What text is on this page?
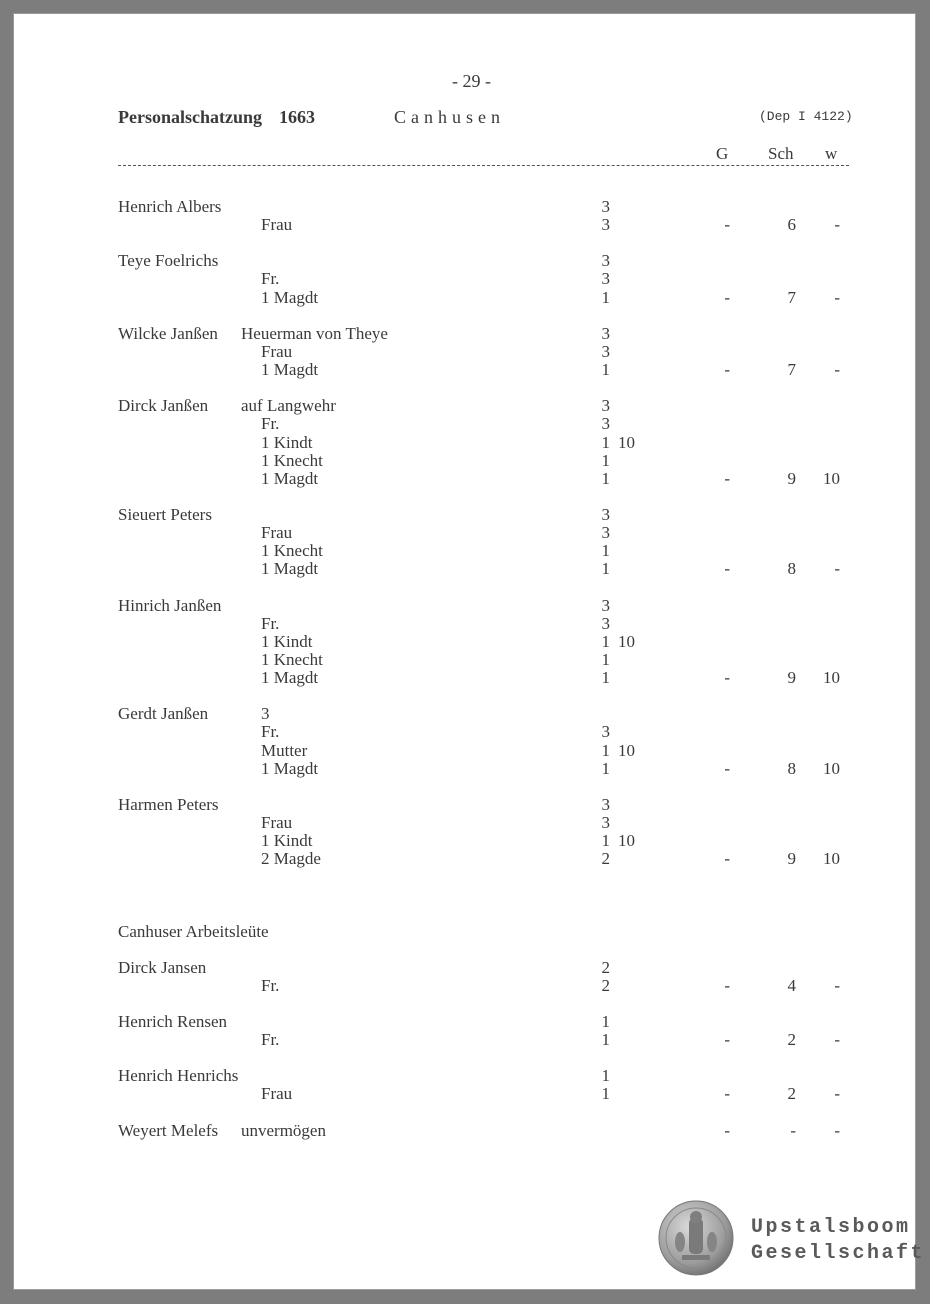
- 29 -
Personalschatzung 1663	Canhusen	(Dep I 4122)
G Sch w
Henrich Albers	3
Frau	3	-	6	-
Teye Foelrichs	3
Fr.	3
1 Magdt	1	-	7	-
Wilcke Janßen Heuerman von Theye	3
Frau	3
1 Magdt	1	-	7	-
Dirck Janßen auf Langwehr	3
Fr.	3
1 Kindt	1 10
1 Knecht	1
1 Magdt	1	-	9	10
Sieuert Peters	3
Frau	3
1 Knecht	1
1 Magdt	1	-	8	-
Hinrich Janßen	3
Fr.	3
1 Kindt	1 10
1 Knecht	1
1 Magdt	1	-	9	10
Gerdt Janßen	3
Fr.	3
Mutter	1 10
1 Magdt	1	-	8	10
Harmen Peters	3
Frau	3
1 Kindt	1 10
2 Magde	2	-	9	10
Canhuser Arbeitsleüte
Dirck Jansen	2
Fr.	2	-	4	-
Henrich Rensen	1
Fr.	1	-	2	-
Henrich Henrichs	1
Frau	1	-	2	-
Weyert Melefs unvermögen	-	-	-
Upstalsboom
Gesellschaft
